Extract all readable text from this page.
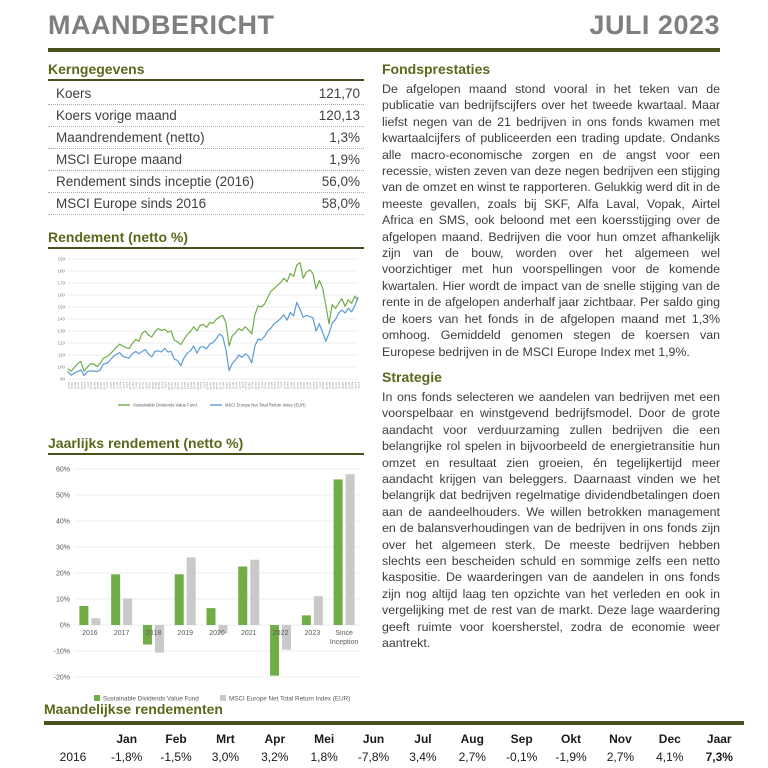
MAANDBERICHT	JULI 2023
Kerngegevens
Koers	121,70
Koers vorige maand	120,13
Maandrendement (netto)	1,3%
MSCI Europe maand	1,9%
Rendement sinds inceptie (2016)	56,0%
MSCI Europe sinds 2016	58,0%
Rendement (netto %)
90
100
110
120
130
140
150
160
170
180
190
jan-16 feb-16 mrt-16 apr-16 mei-16 jun-16 jul-16 aug-16 sep-16 okt-16 nov-16 dec-16 jan-17 feb-17 mrt-17 apr-17 mei-17 jun-17 jul-17 aug-17 sep-17 okt-17 nov-17 dec-17 jan-18 feb-18 mrt-18 apr-18 mei-18 jun-18 jul-18 aug-18 sep-18 okt-18 nov-18 dec-18 jan-19 feb-19 mrt-19 apr-19 mei-19 jun-19 jul-19 aug-19 sep-19 okt-19 nov-19 dec-19 jan-20 feb-20 mrt-20 apr-20 mei-20 jun-20 jul-20 aug-20 sep-20 okt-20 nov-20 dec-20 jan-21 feb-21 mrt-21 apr-21 mei-21 jun-21 jul-21 aug-21 sep-21 okt-21 nov-21 dec-21 jan-22 feb-22 mrt-22 apr-22 mei-22 jun-22 jul-22 aug-22 sep-22 okt-22 nov-22 dec-22 jan-23 feb-23 mrt-23 apr-23 mei-23 jun-23 jul-23
Sustainable Dividends Value Fund	MSCI Europe Net Total Return Index (EUR)
Jaarlijks rendement (netto %)
60%
50%
40%
30%
20%
10%
0%
-10%
-20%
2016 2017 2018 2019 2020 2021 2022 2023 Since
Inception
Sustainable Dividends Value Fund	MSCI Europe Net Total Return Index (EUR)
Fondsprestaties
De afgelopen maand stond vooral in het teken van de publicatie van bedrijfscijfers over het tweede kwartaal. Maar liefst negen van de 21 bedrijven in ons fonds kwamen met kwartaalcijfers of publiceerden een trading update. Ondanks alle macro-economische zorgen en de angst voor een recessie, wisten zeven van deze negen bedrijven een stijging van de omzet en winst te rapporteren. Gelukkig werd dit in de meeste gevallen, zoals bij SKF, Alfa Laval, Vopak, Airtel Africa en SMS, ook beloond met een koersstijging over de afgelopen maand. Bedrijven die voor hun omzet afhankelijk zijn van de bouw, worden over het algemeen wel voorzichtiger met hun voorspellingen voor de komende kwartalen. Hier wordt de impact van de snelle stijging van de rente in de afgelopen anderhalf jaar zichtbaar. Per saldo ging de koers van het fonds in de afgelopen maand met 1,3% omhoog. Gemiddeld genomen stegen de koersen van Europese bedrijven in de MSCI Europe Index met 1,9%.
Strategie
In ons fonds selecteren we aandelen van bedrijven met een voorspelbaar en winstgevend bedrijfsmodel. Door de grote aandacht voor verduurzaming zullen bedrijven die een belangrijke rol spelen in bijvoorbeeld de energietransitie hun omzet en resultaat zien groeien, én tegelijkertijd meer aandacht krijgen van beleggers. Daarnaast vinden we het belangrijk dat bedrijven regelmatige dividendbetalingen doen aan de aandeelhouders. We willen betrokken management en de balansverhoudingen van de bedrijven in ons fonds zijn over het algemeen sterk. De meeste bedrijven hebben slechts een bescheiden schuld en sommige zelfs een netto kaspositie. De waarderingen van de aandelen in ons fonds zijn nog altijd laag ten opzichte van het verleden en ook in vergelijking met de rest van de markt. Deze lage waardering geeft ruimte voor koersherstel, zodra de economie weer aantrekt.
Maandelijkse rendementen
	Jan	Feb	Mrt	Apr	Mei	Jun	Jul	Aug	Sep	Okt	Nov	Dec	Jaar
2016	-1,8%	-1,5%	3,0%	3,2%	1,8%	-7,8%	3,4%	2,7%	-0,1%	-1,9%	2,7%	4,1%	7,3%
